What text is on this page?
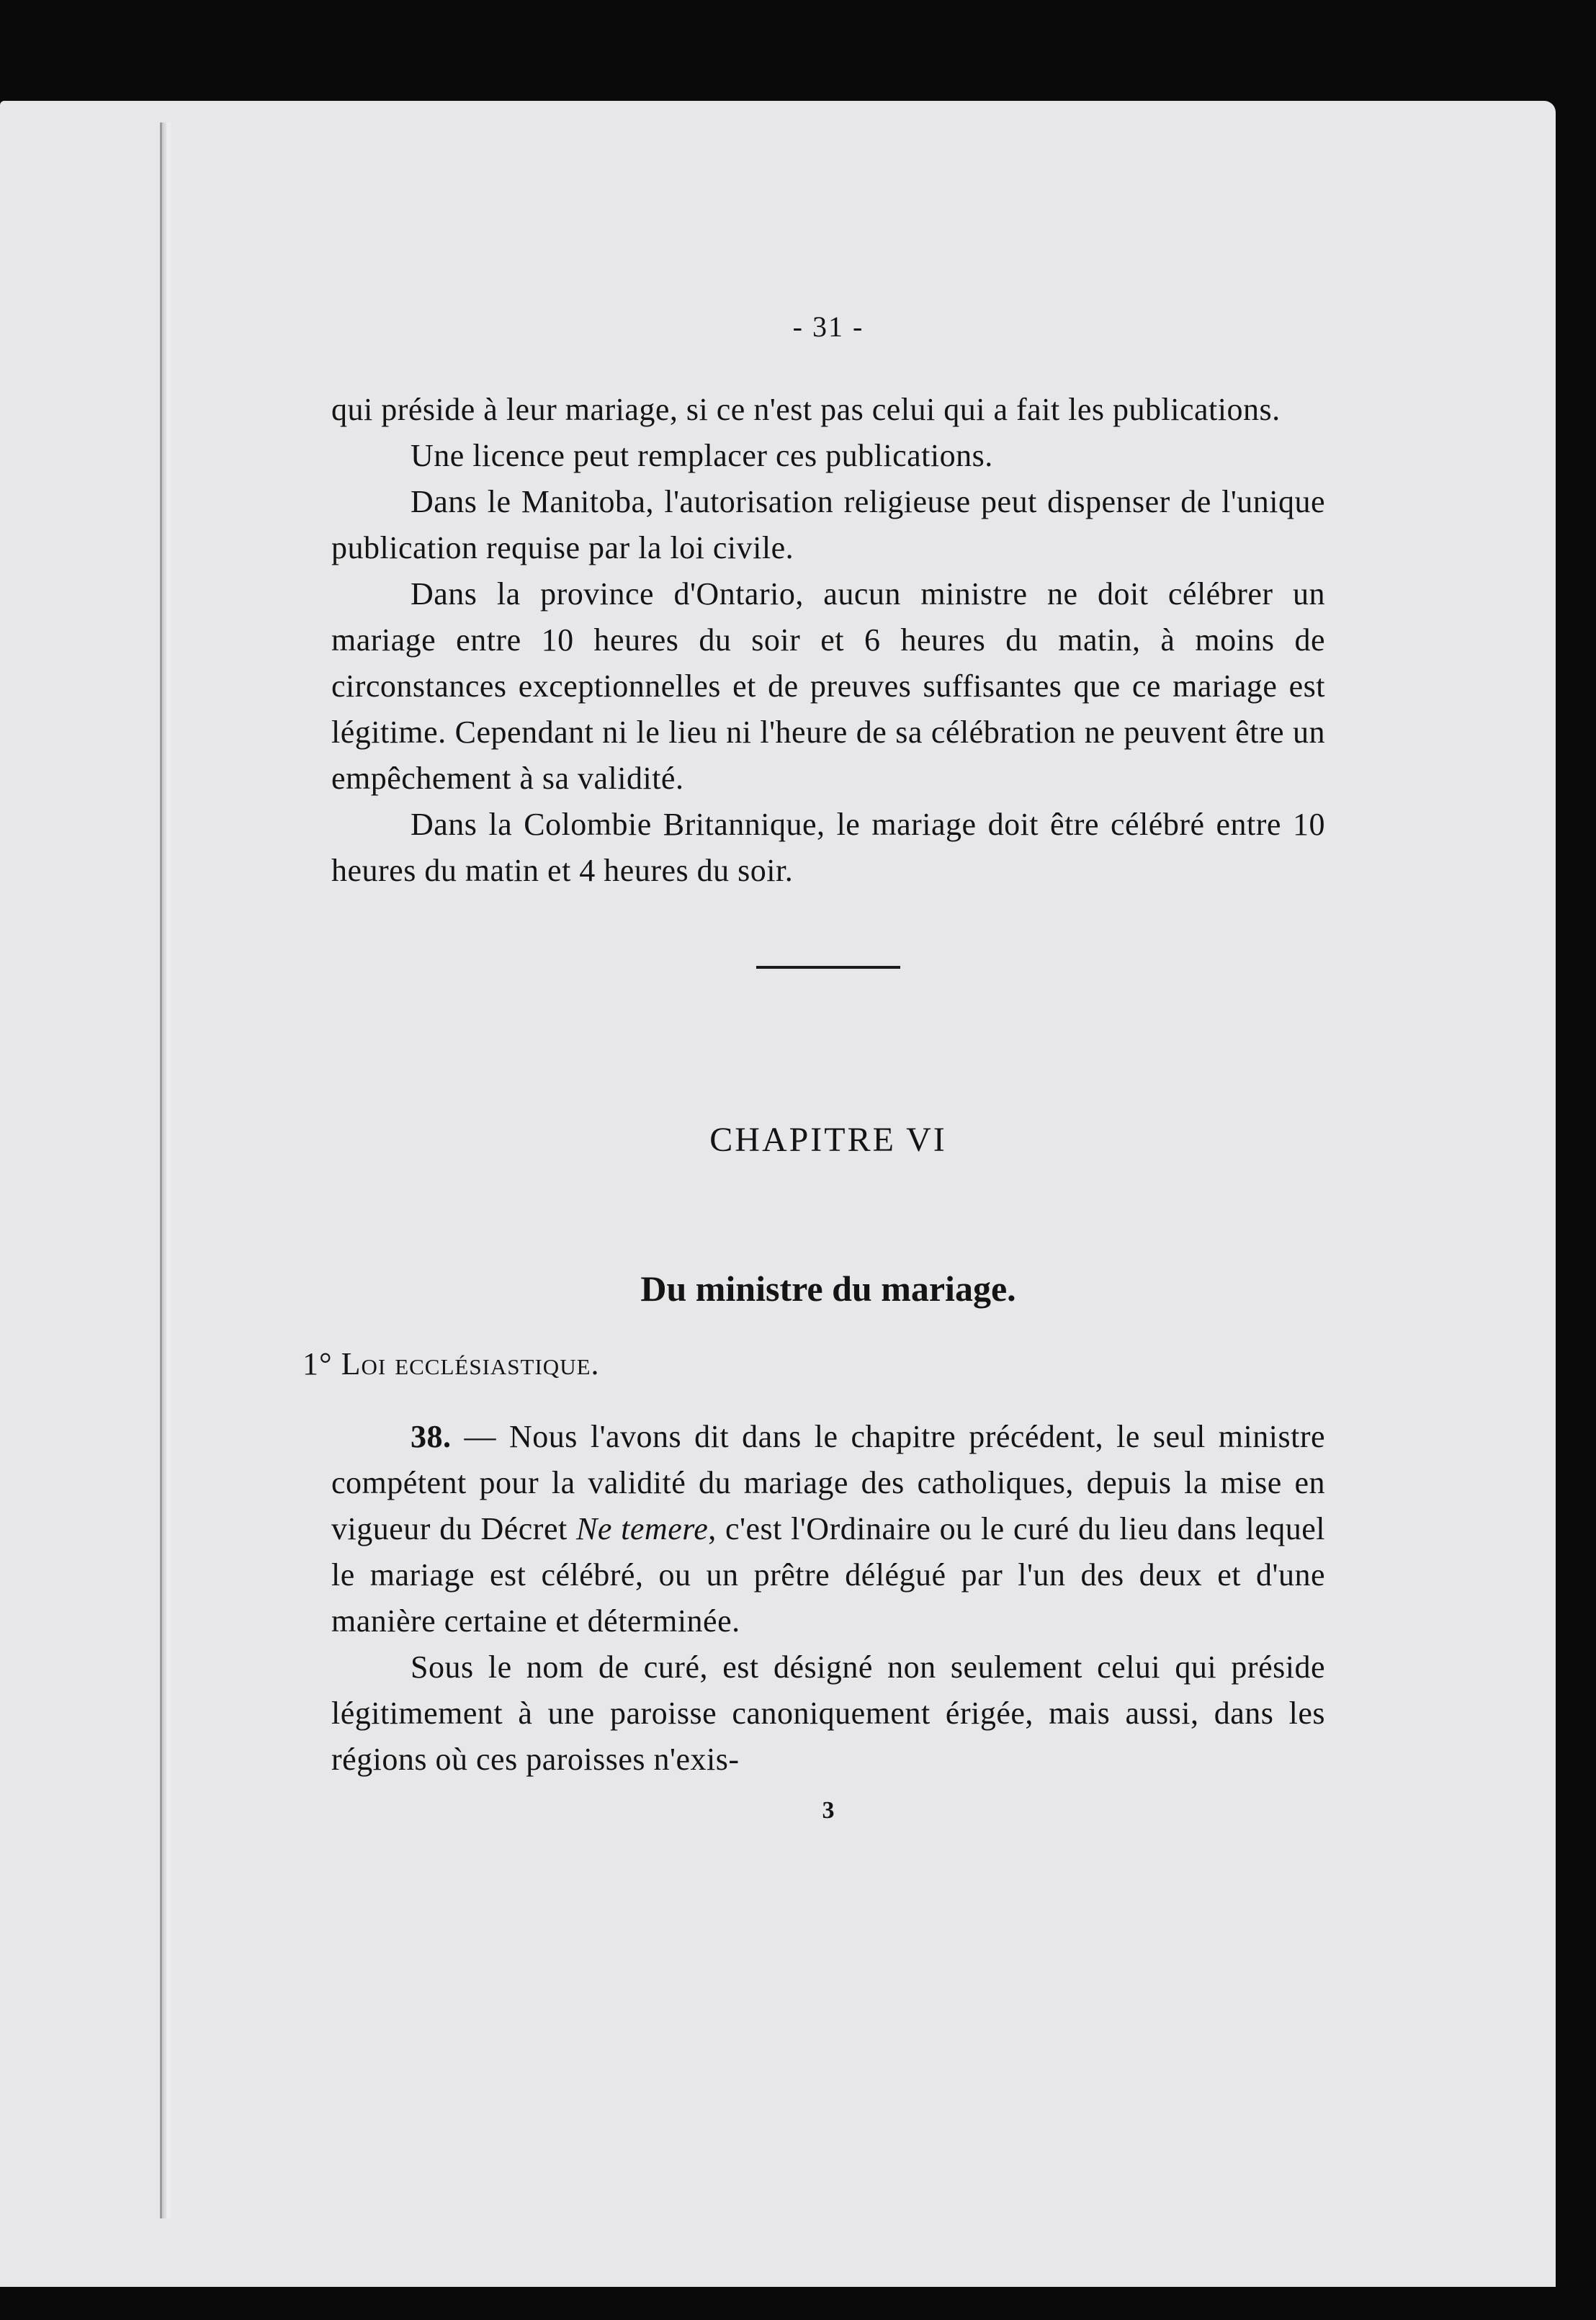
- 31 -

qui préside à leur mariage, si ce n'est pas celui qui a fait les publications.

Une licence peut remplacer ces publications.

Dans le Manitoba, l'autorisation religieuse peut dispenser de l'unique publication requise par la loi civile.

Dans la province d'Ontario, aucun ministre ne doit célébrer un mariage entre 10 heures du soir et 6 heures du matin, à moins de circonstances exceptionnelles et de preuves suffisantes que ce mariage est légitime. Cependant ni le lieu ni l'heure de sa célébration ne peuvent être un empêchement à sa validité.

Dans la Colombie Britannique, le mariage doit être célébré entre 10 heures du matin et 4 heures du soir.

CHAPITRE VI
Du ministre du mariage.
1° Loi ecclésiastique.

38. — Nous l'avons dit dans le chapitre précédent, le seul ministre compétent pour la validité du mariage des catholiques, depuis la mise en vigueur du Décret Ne temere, c'est l'Ordinaire ou le curé du lieu dans lequel le mariage est célébré, ou un prêtre délégué par l'un des deux et d'une manière certaine et déterminée.

Sous le nom de curé, est désigné non seulement celui qui préside légitimement à une paroisse canoniquement érigée, mais aussi, dans les régions où ces paroisses n'exis-

3
